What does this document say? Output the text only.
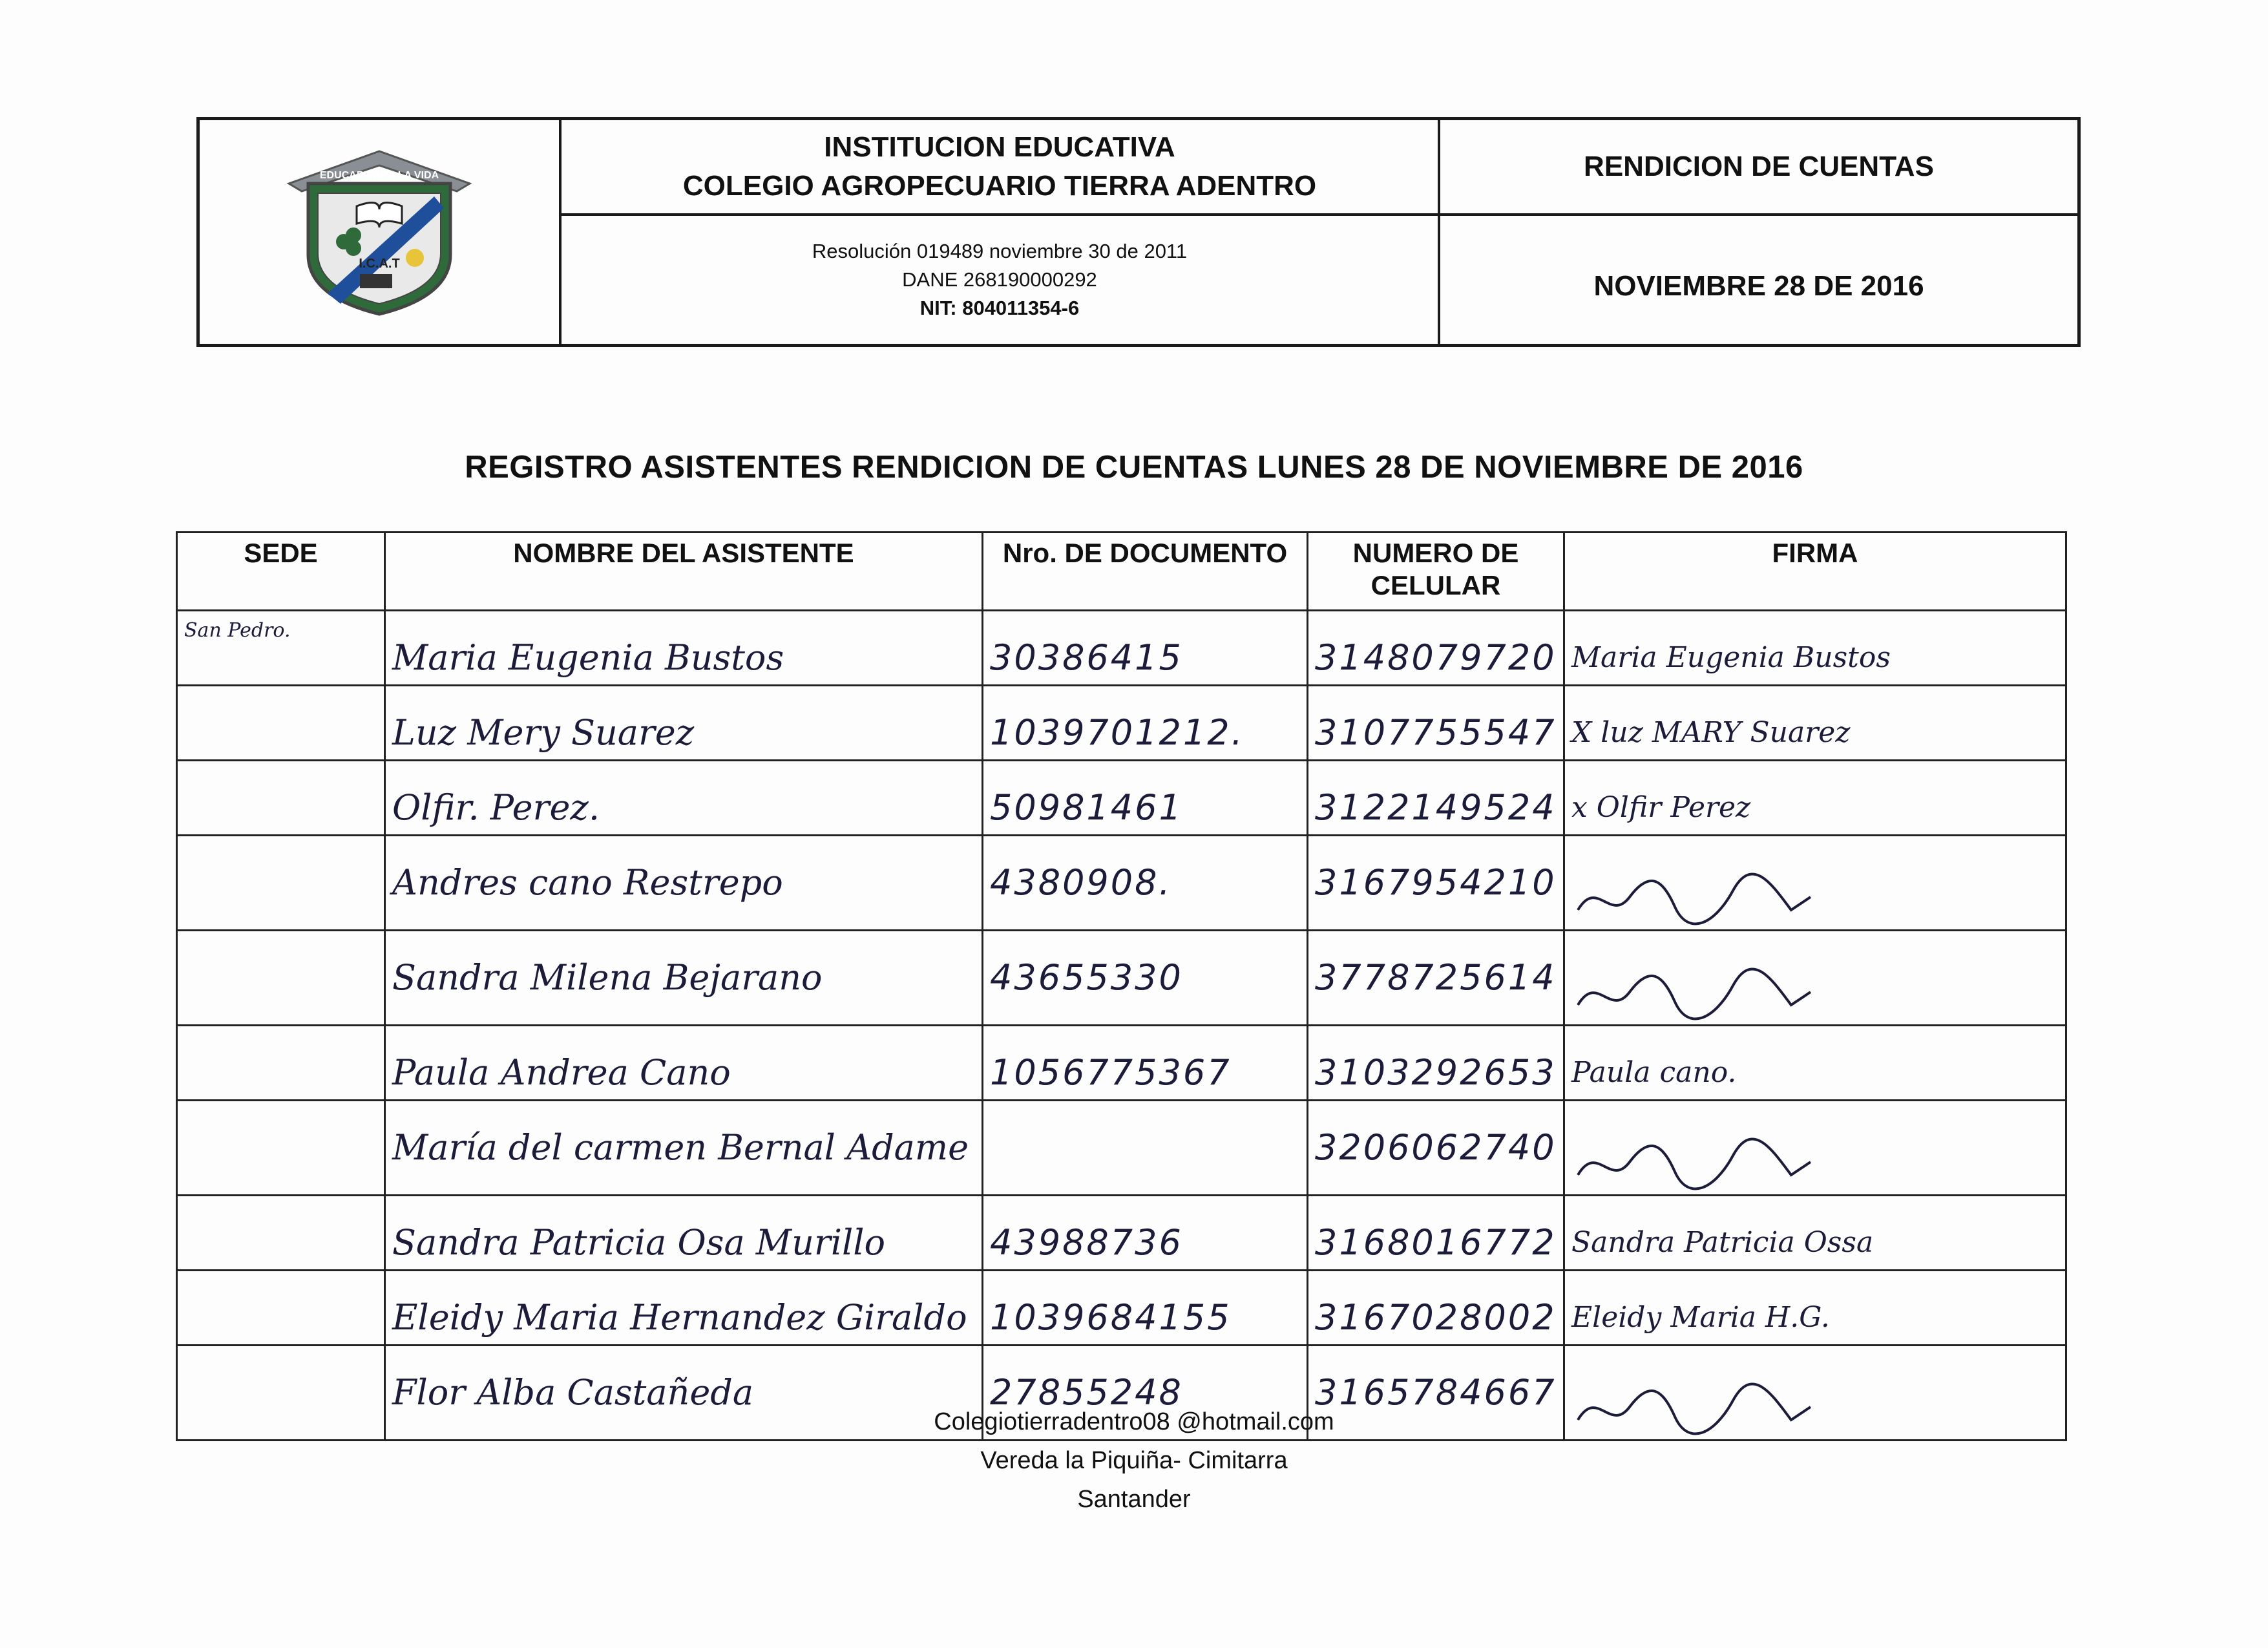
I.C.A.T
EDUCAR PARA LA VIDA
INSTITUCION EDUCATIVA
COLEGIO AGROPECUARIO TIERRA ADENTRO
RENDICION DE CUENTAS
Resolución 019489 noviembre 30 de 2011
DANE 268190000292
NIT: 804011354-6
NOVIEMBRE 28 DE 2016
REGISTRO ASISTENTES RENDICION DE CUENTAS LUNES 28 DE NOVIEMBRE DE 2016
SEDE	NOMBRE DEL ASISTENTE	Nro. DE DOCUMENTO	NUMERO DE CELULAR	FIRMA

San Pedro.	Maria Eugenia Bustos	30386415	3148079720	Maria Eugenia Bustos

	Luz Mery Suarez	1039701212.	3107755547	X luz MARY Suarez

	Olfir. Perez.	50981461	3122149524	x Olfir Perez

	Andres cano Restrepo	4380908.	3167954210

	Sandra Milena Bejarano	43655330	3778725614

	Paula Andrea Cano	1056775367	3103292653	Paula cano.

	María del carmen Bernal Adame		3206062740

	Sandra Patricia Osa Murillo	43988736	3168016772	Sandra Patricia Ossa

	Eleidy Maria Hernandez Giraldo	1039684155	3167028002	Eleidy Maria H.G.

	Flor Alba Castañeda	27855248	3165784667

Colegiotierradentro08 @hotmail.com
Vereda la Piquiña- Cimitarra
Santander
